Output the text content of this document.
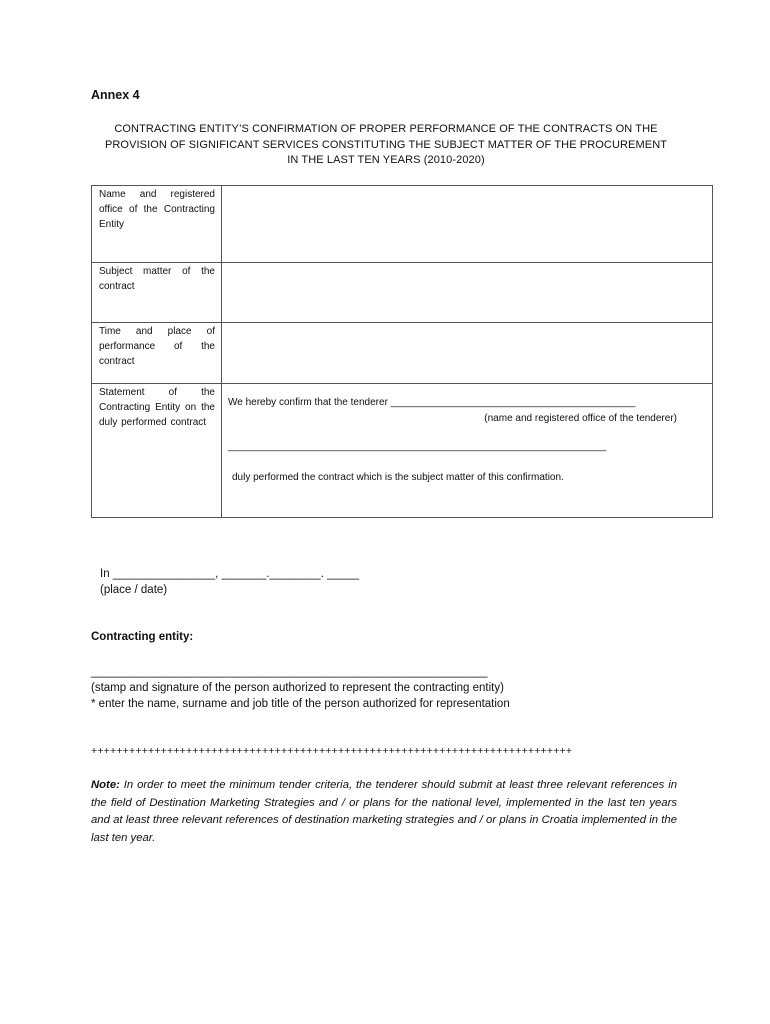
Annex 4
CONTRACTING ENTITY’S CONFIRMATION OF PROPER PERFORMANCE OF THE CONTRACTS ON THE
PROVISION OF SIGNIFICANT SERVICES CONSTITUTING THE SUBJECT MATTER OF THE PROCUREMENT
IN THE LAST TEN YEARS (2010-2020)
Name and registered office of the Contracting Entity	
Subject matter of the contract	
Time and place of performance of the contract	
Statement of the Contracting Entity on the duly performed contract	We hereby confirm that the tenderer ____________________________________________
(name and registered office of the tenderer)
____________________________________________________________________
duly performed the contract which is the subject matter of this confirmation.
In ________________, _______.________. _____
(place / date)
Contracting entity:
______________________________________________________________
(stamp and signature of the person authorized to represent the contracting entity)
* enter the name, surname and job title of the person authorized for representation
++++++++++++++++++++++++++++++++++++++++++++++++++++++++++++++++++++++++++++
Note: In order to meet the minimum tender criteria, the tenderer should submit at least three relevant references in the field of Destination Marketing Strategies and / or plans for the national level, implemented in the last ten years and at least three relevant references of destination marketing strategies and / or plans in Croatia implemented in the last ten year.
